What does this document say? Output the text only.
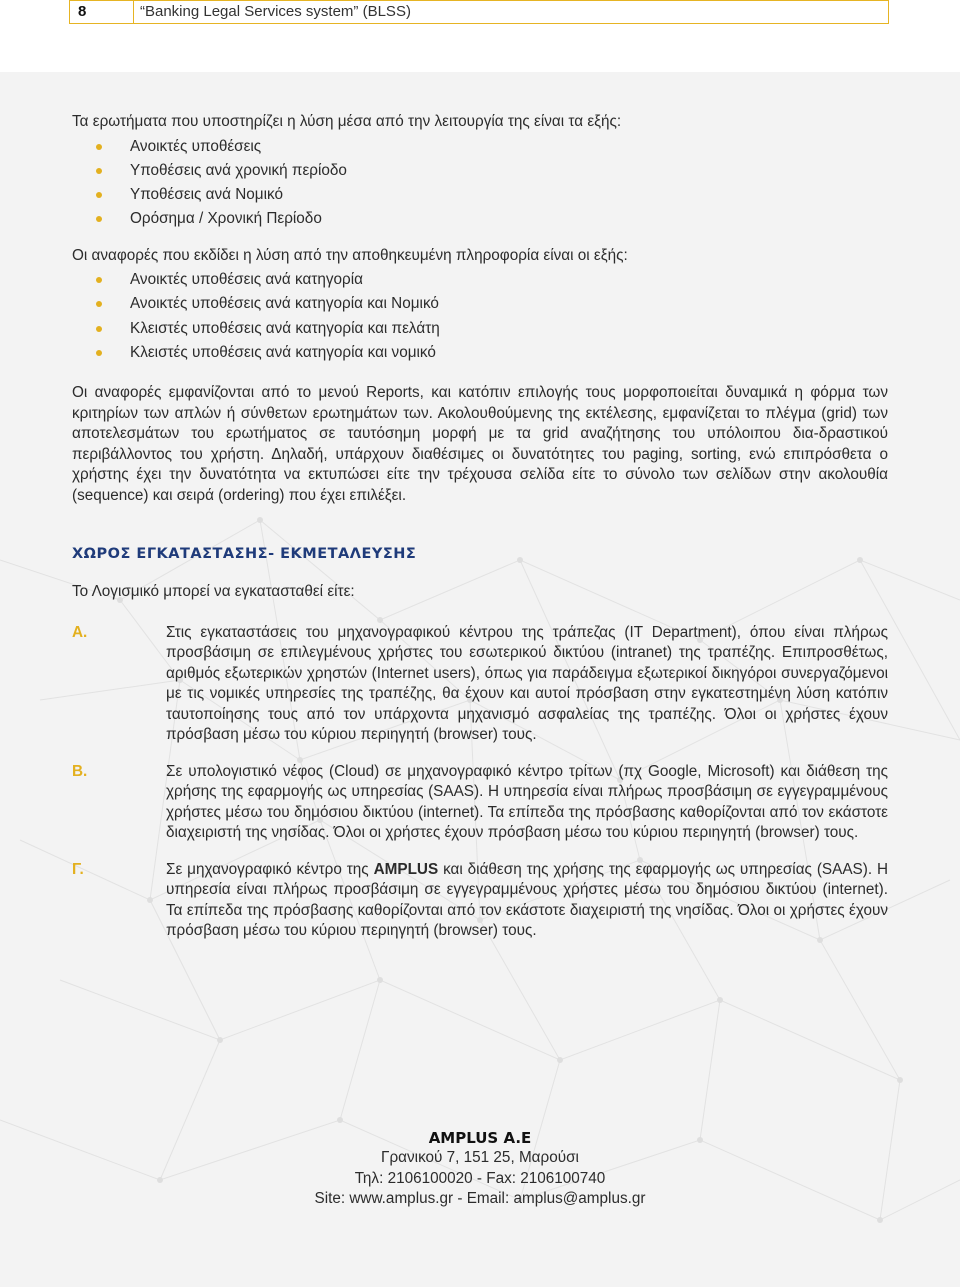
8	“Banking Legal Services system” (BLSS)

Τα ερωτήματα που υποστηρίζει η λύση μέσα από την λειτουργία της είναι τα εξής:

Ανοικτές υποθέσεις
Υποθέσεις ανά χρονική περίοδο
Υποθέσεις ανά Νομικό
Ορόσημα / Χρονική Περίοδο

Οι αναφορές που εκδίδει η λύση από την αποθηκευμένη πληροφορία είναι οι εξής:

Ανοικτές υποθέσεις ανά κατηγορία
Ανοικτές υποθέσεις ανά κατηγορία και Νομικό
Κλειστές υποθέσεις ανά κατηγορία και πελάτη
Κλειστές υποθέσεις ανά κατηγορία και νομικό

Οι αναφορές εμφανίζονται από το μενού Reports, και κατόπιν επιλογής τους μορφοποιείται δυναμικά η φόρμα των κριτηρίων των απλών ή σύνθετων ερωτημάτων των. Ακολουθούμενης της εκτέλεσης, εμφανίζεται το πλέγμα (grid) των αποτελεσμάτων του ερωτήματος σε ταυτόσημη μορφή με τα grid αναζήτησης του υπόλοιπου δια-δραστικού περιβάλλοντος του χρήστη. Δηλαδή, υπάρχουν διαθέσιμες οι δυνατότητες του paging, sorting, ενώ επιπρόσθετα ο χρήστης έχει την δυνατότητα να εκτυπώσει είτε την τρέχουσα σελίδα είτε το σύνολο των σελίδων στην ακολουθία (sequence) και σειρά (ordering) που έχει επιλέξει.

ΧΩΡΟΣ ΕΓΚΑΤΑΣΤΑΣΗΣ- ΕΚΜΕΤΑΛΕΥΣΗΣ

Το Λογισμικό μπορεί να εγκατασταθεί είτε:

Α.	Στις εγκαταστάσεις του μηχανογραφικού κέντρου της τράπεζας (IT Department), όπου είναι πλήρως προσβάσιμη σε επιλεγμένους χρήστες του εσωτερικού δικτύου (intranet) της τραπέζης. Επιπροσθέτως, αριθμός εξωτερικών χρηστών (Internet users), όπως για παράδειγμα εξωτερικοί δικηγόροι συνεργαζόμενοι με τις νομικές υπηρεσίες της τραπέζης, θα έχουν και αυτοί πρόσβαση στην εγκατεστημένη λύση κατόπιν ταυτοποίησης τους από τον υπάρχοντα μηχανισμό ασφαλείας της τραπέζης. Όλοι οι χρήστες έχουν πρόσβαση μέσω του κύριου περιηγητή (browser) τους.
Β.	Σε υπολογιστικό νέφος (Cloud) σε μηχανογραφικό κέντρο τρίτων (πχ Google, Microsoft) και διάθεση της χρήσης της εφαρμογής ως υπηρεσίας (SAAS). Η υπηρεσία είναι πλήρως προσβάσιμη σε εγγεγραμμένους χρήστες μέσω του δημόσιου δικτύου (internet). Τα επίπεδα της πρόσβασης καθορίζονται από τον εκάστοτε διαχειριστή της νησίδας. Όλοι οι χρήστες έχουν πρόσβαση μέσω του κύριου περιηγητή (browser) τους.
Γ.	Σε μηχανογραφικό κέντρο της AMPLUS και διάθεση της χρήσης της εφαρμογής ως υπηρεσίας (SAAS). Η υπηρεσία είναι πλήρως προσβάσιμη σε εγγεγραμμένους χρήστες μέσω του δημόσιου δικτύου (internet). Τα επίπεδα της πρόσβασης καθορίζονται από τον εκάστοτε διαχειριστή της νησίδας. Όλοι οι χρήστες έχουν πρόσβαση μέσω του κύριου περιηγητή (browser) τους.
AMPLUS A.E
Γρανικού 7, 151 25, Μαρούσι
Τηλ: 2106100020 - Fax: 2106100740
Site: www.amplus.gr - Email: amplus@amplus.gr
